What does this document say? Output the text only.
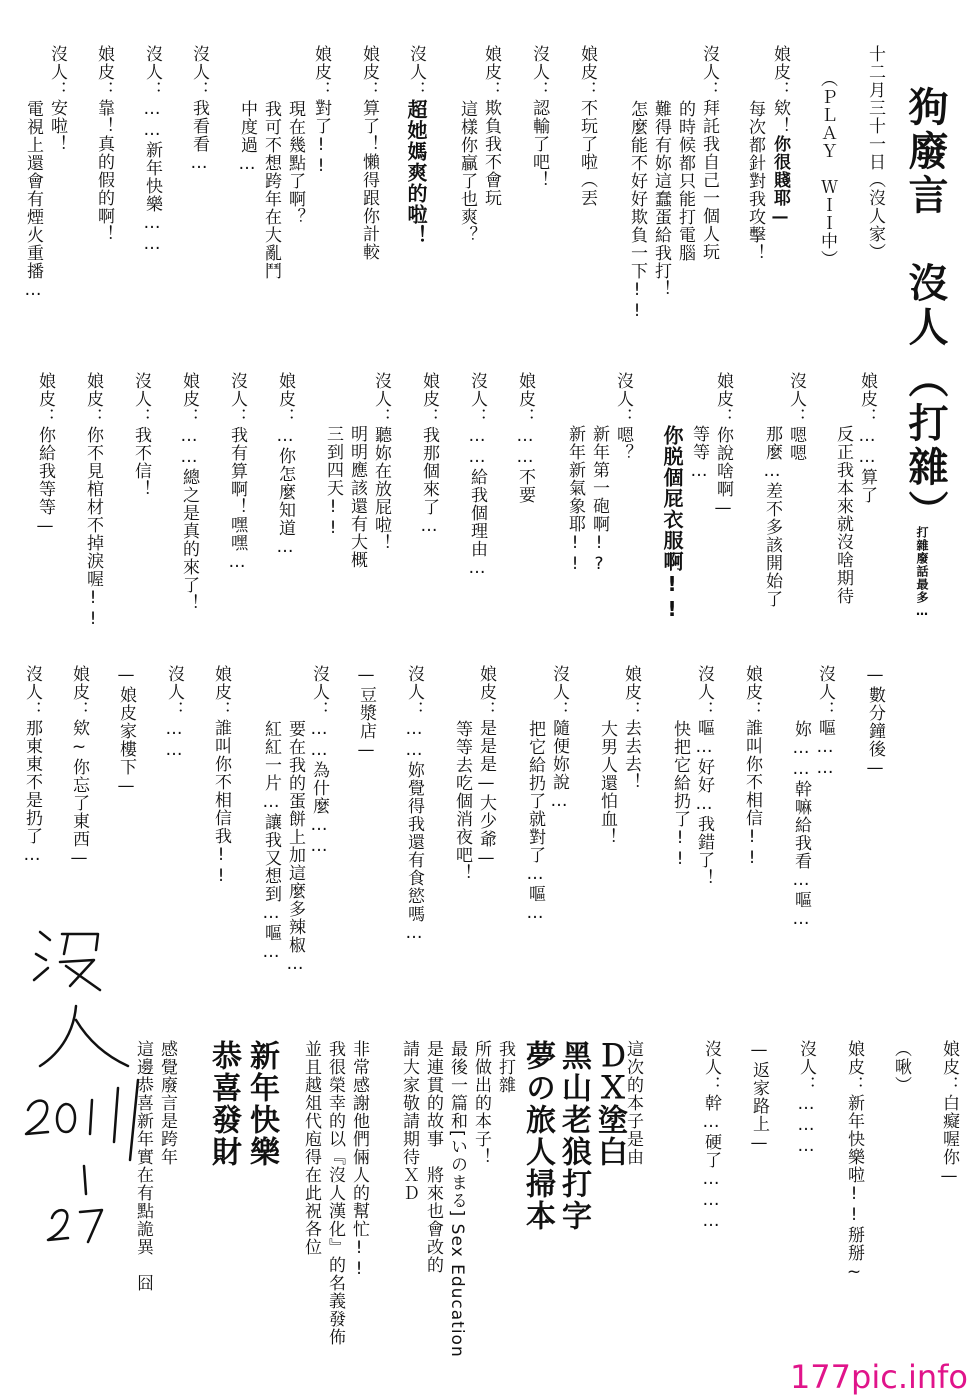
狗廢言　沒人
（打雜）
打雜廢話最多…
十二月三十一日（沒人家）
（ＰＬＡＹ　ＷＩＩ中）
娘皮：欸！你很賤耶—
每次都針對我攻擊！
沒人：拜託我自己一個人玩
的時候都只能打電腦
難得有妳這蠢蛋給我打！
怎麼能不好好欺負一下!!
娘皮：不玩了啦（丟
沒人：認輸了吧！
娘皮：欺負我不會玩
這樣你贏了也爽？
沒人：超她媽爽的啦！
娘皮：算了！懶得跟你計較
娘皮：對了!!
現在幾點了啊？
我可不想跨年在大亂鬥
中度過…
沒人：我看看…
沒人：……新年快樂……
娘皮：靠！真的假的啊！
沒人：安啦！
電視上還會有煙火重播…
娘皮：……算了
反正我本來就沒啥期待
沒人：嗯嗯
那麼…差不多該開始了
娘皮：你說啥啊—
等等…
你脱個屁衣服啊!!
沒人：嗯？
新年第一砲啊!?
新年新氣象耶!!
娘皮：……不要
沒人：……給我個理由…
娘皮：我那個來了…
沒人：聽妳在放屁啦！
明明應該還有大概
三到四天!!
娘皮：…你怎麼知道…
沒人：我有算啊！嘿嘿…
娘皮：……總之是真的來了！
沒人：我不信！
娘皮：你不見棺材不掉淚喔!!
娘皮：你給我等等—
—數分鐘後—
沒人：嘔……
妳……幹嘛給我看…嘔…
娘皮：誰叫你不相信!!
沒人：嘔…好好…我錯了！
快把它給扔了!!
娘皮：去去去！
大男人還怕血！
沒人：隨便妳說…
把它給扔了就對了…嘔…
娘皮：是是是—大少爺—
等等去吃個消夜吧！
沒人：……妳覺得我還有食慾嗎…
—豆漿店—
沒人：……為什麼……
要在我的蛋餅上加這麼多辣椒…
紅紅一片…讓我又想到…嘔…
娘皮：誰叫你不相信我!!
沒人：……
—娘皮家樓下—
娘皮：欸~你忘了東西—
沒人：那東東不是扔了…
娘皮：白癡喔你—
（啾）
娘皮：新年快樂啦!!掰掰~
沒人：………
—返家路上—
沒人：幹…硬了………
這次的本子是由
ＤＸ塗白
黑山老狼打字
夢の旅人掃本
我打雜
所做出的本子！
最後一篇和[いのまる] Sex Education
是連貫的故事　將來也會改的
請大家敬請期待ＸＤ
非常感謝他們倆人的幫忙!!
我很榮幸的以『沒人漢化』的名義發佈
並且越俎代庖得在此祝各位
新年快樂
恭喜發財
感覺廢言是跨年
這邊恭喜新年實在有點詭異　囧
177pic.info
